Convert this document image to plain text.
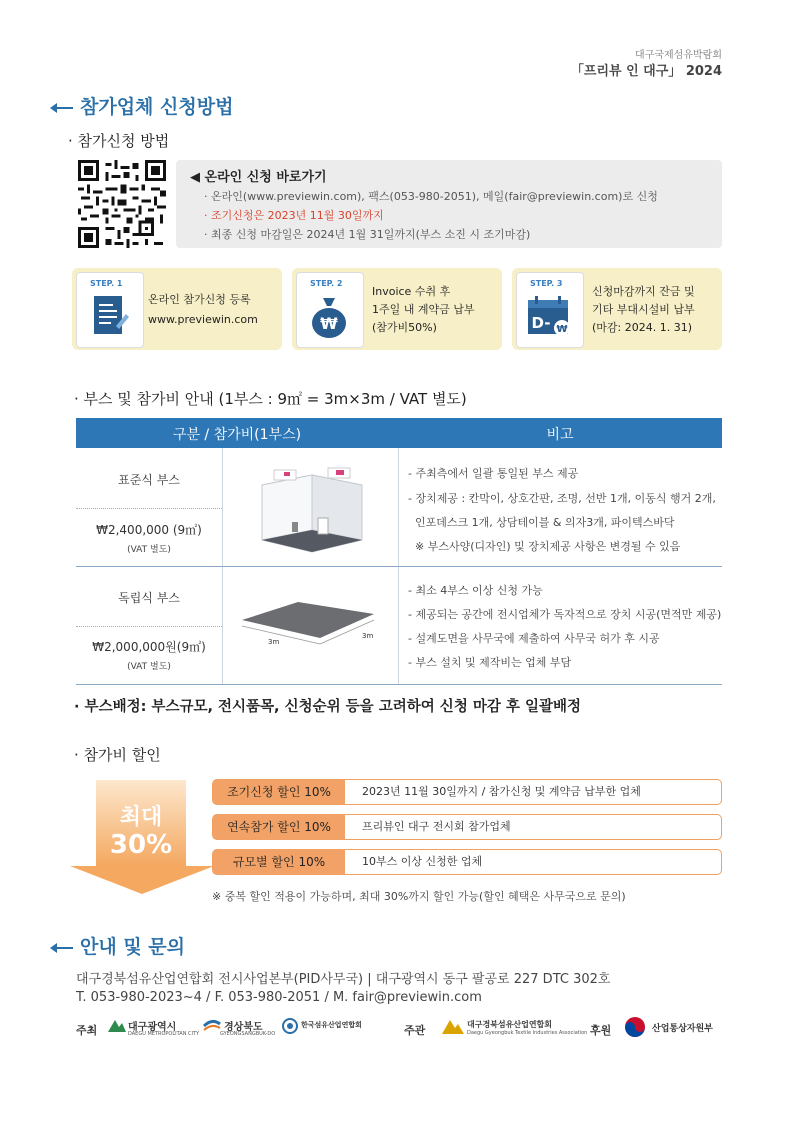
대구국제섬유박람회
「프리뷰 인 대구」 2024
참가업체 신청방법
· 참가신청 방법
◀ 온라인 신청 바로가기
· 온라인(www.previewin.com), 팩스(053-980-2051), 메일(fair@previewin.com)로 신청
· 조기신청은 2023년 11월 30일까지
· 최종 신청 마감일은 2024년 1월 31일까지(부스 소진 시 조기마감)
STEP. 1
온라인 참가신청 등록
www.previewin.com
STEP. 2
₩
Invoice 수취 후
1주일 내 계약금 납부
(참가비50%)
STEP. 3
D- ₩
신청마감까지 잔금 및
기타 부대시설비 납부
(마감: 2024. 1. 31)
· 부스 및 참가비 안내 (1부스 : 9㎡ = 3m×3m / VAT 별도)
구분 / 참가비(1부스)	비고
표준식 부스
₩2,400,000 (9㎡)
(VAT 별도)
- 주최측에서 일괄 통일된 부스 제공
- 장치제공 : 칸막이, 상호간판, 조명, 선반 1개, 이동식 행거 2개,
인포데스크 1개, 상담테이블 & 의자3개, 파이텍스바닥
※ 부스사양(디자인) 및 장치제공 사항은 변경될 수 있음
독립식 부스
₩2,000,000원(9㎡)
(VAT 별도)
3m
3m
- 최소 4부스 이상 신청 가능
- 제공되는 공간에 전시업체가 독자적으로 장치 시공(면적만 제공)
- 설계도면을 사무국에 제출하여 사무국 허가 후 시공
- 부스 설치 및 제작비는 업체 부담
· 부스배정: 부스규모, 전시품목, 신청순위 등을 고려하여 신청 마감 후 일괄배정
· 참가비 할인
최대
30%
조기신청 할인 10%	2023년 11월 30일까지 / 참가신청 및 계약금 납부한 업체
연속참가 할인 10%	프리뷰인 대구 전시회 참가업체
규모별 할인 10%	10부스 이상 신청한 업체
※ 중복 할인 적용이 가능하며, 최대 30%까지 할인 가능(할인 혜택은 사무국으로 문의)
안내 및 문의
대구경북섬유산업연합회 전시사업본부(PID사무국) | 대구광역시 동구 팔공로 227 DTC 302호
T. 053-980-2023~4 / F. 053-980-2051 / M. fair@previewin.com
주최	대구광역시
DAEGU METROPOLITAN CITY
경상북도
GYEONGSANGBUK-DO
한국섬유산업연합회	주관	대구경북섬유산업연합회
Daegu Gyeongbuk Textile Industries Association 후원	산업통상자원부
